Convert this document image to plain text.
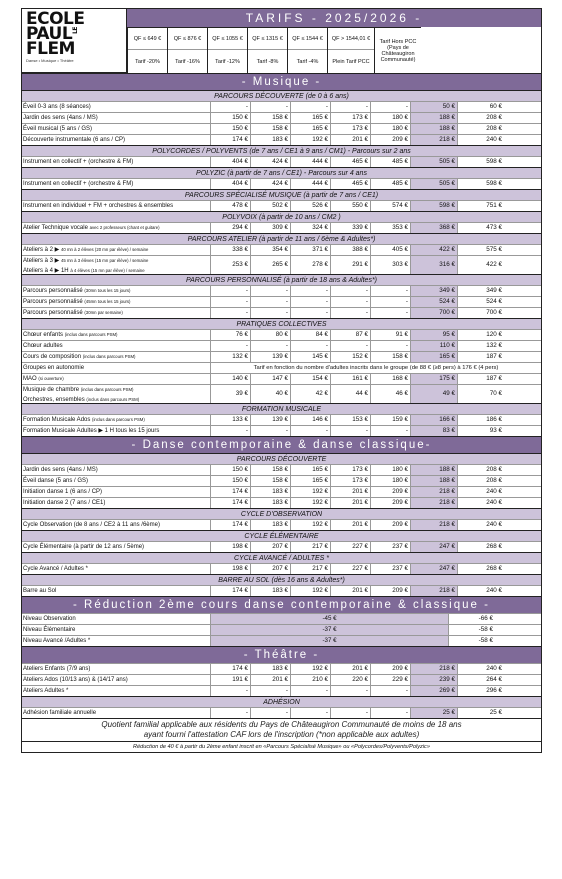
ECOLE
PAULLE
FLEM
Danse • Musique • Théâtre
TARIFS - 2025/2026 -
QF ≤ 649 €
Tarif -20%
QF ≤ 876 €
Tarif -16%
QF ≤ 1055 €
Tarif -12%
QF ≤ 1315 €
Tarif -8%
QF ≤ 1544 €
Tarif -4%
QF > 1544,01 €
Plein Tarif PCC
Tarif Hors PCC (Pays de Châteaugiron Communauté)
- Musique -
PARCOURS DÉCOUVERTE (de 0 à 6 ans)
Éveil 0-3 ans (8 séances)	-	-	-	-	-	50 €	60 €
Jardin des sens (4ans / MS)	150 €	158 €	165 €	173 €	180 €	188 €	208 €
Éveil musical (5 ans / GS)	150 €	158 €	165 €	173 €	180 €	188 €	208 €
Découverte instrumentale (6 ans / CP)	174 €	183 €	192 €	201 €	209 €	218 €	240 €
POLYCORDES / POLYVENTS (de 7 ans / CE1 à 9 ans / CM1) - Parcours sur 2 ans
Instrument en collectif + (orchestre & FM)	404 €	424 €	444 €	465 €	485 €	505 €	598 €
POLYZIC (à partir de 7 ans / CE1) - Parcours sur 4 ans
Instrument en collectif + (orchestre & FM)	404 €	424 €	444 €	465 €	485 €	505 €	598 €
PARCOURS SPÉCIALISÉ MUSIQUE (à partir de 7 ans / CE1)
Instrument en individuel + FM + orchestres & ensembles	478 €	502 €	526 €	550 €	574 €	598 €	751 €
POLYVOIX (à partir de 10 ans / CM2 )
Atelier Technique vocale avec 2 professeurs (chant et guitare)	294 €	309 €	324 €	339 €	353 €	368 €	473 €
PARCOURS ATELIER (à partir de 11 ans / 6ème & Adultes*)
Ateliers à 2 ▶ 40 mn à 2 élèves (20 mn par élève) / semaine	338 €	354 €	371 €	388 €	405 €	422 €	575 €
Ateliers à 3 ▶ 45 mn à 3 élèves (15 mn par élève) / semaine
Ateliers à 4 ▶ 1H à 4 élèves (15 mn par élève) / semaine
253 €	265 €	278 €	291 €	303 €	316 €	422 €
PARCOURS PERSONNALISÉ (à partir de 18 ans & Adultes*)
Parcours personnalisé (30mn tous les 15 jours)	-	-	-	-	-	349 €	349 €
Parcours personnalisé (45mn tous les 15 jours)	-	-	-	-	-	524 €	524 €
Parcours personnalisé (30mn par semaine)	-	-	-	-	-	700 €	700 €
PRATIQUES COLLECTIVES
Chœur enfants (inclus dans parcours PSM)	76 €	80 €	84 €	87 €	91 €	95 €	120 €
Chœur adultes	-	-	-	-	-	110 €	132 €
Cours de composition (inclus dans parcours PSM)	132 €	139 €	145 €	152 €	158 €	165 €	187 €
Groupes en autonomie	Tarif en fonction du nombre d'adultes inscrits dans le groupe (de 88 € (≥8 pers) à 176 € (4 pers)
MAO (si ouverture)	140 €	147 €	154 €	161 €	168 €	175 €	187 €
Musique de chambre (inclus dans parcours PSM)
Orchestres, ensembles (inclus dans parcours PSM)
39 €	40 €	42 €	44 €	46 €	49 €	70 €
FORMATION MUSICALE
Formation Musicale Ados (inclus dans parcours PSM)	133 €	139 €	146 €	153 €	159 €	166 €	186 €
Formation Musicale Adultes ▶ 1 H tous les 15 jours	-	-	-	-	-	83 €	93 €
- Danse contemporaine & danse classique-
PARCOURS DÉCOUVERTE
Jardin des sens (4ans / MS)	150 €	158 €	165 €	173 €	180 €	188 €	208 €
Éveil danse (5 ans / GS)	150 €	158 €	165 €	173 €	180 €	188 €	208 €
Initiation danse 1 (6 ans / CP)	174 €	183 €	192 €	201 €	209 €	218 €	240 €
Initiation danse 2 (7 ans / CE1)	174 €	183 €	192 €	201 €	209 €	218 €	240 €
CYCLE D'OBSERVATION
Cycle Observation (de 8 ans / CE2 à 11 ans /6ème)	174 €	183 €	192 €	201 €	209 €	218 €	240 €
CYCLE ÉLÉMENTAIRE
Cycle Élémentaire (à partir de 12 ans / 5ème)	198 €	207 €	217 €	227 €	237 €	247 €	268 €
CYCLE AVANCÉ / ADULTES *
Cycle Avancé / Adultes *	198 €	207 €	217 €	227 €	237 €	247 €	268 €
BARRE AU SOL (dès 16 ans & Adultes*)
Barre au Sol	174 €	183 €	192 €	201 €	209 €	218 €	240 €
- Réduction 2ème cours danse contemporaine & classique -
Niveau Observation	-45 €	-66 €
Niveau Élémentaire	-37 €	-58 €
Niveau Avancé /Adultes *	-37 €	-58 €
- Théâtre -
Ateliers Enfants (7/9 ans)	174 €	183 €	192 €	201 €	209 €	218 €	240 €
Ateliers Ados (10/13 ans) & (14/17 ans)	191 €	201 €	210 €	220 €	229 €	239 €	264 €
Ateliers Adultes *	-	-	-	-	-	269 €	296 €
ADHÉSION
Adhésion familiale annuelle	-	-	-	-	-	25 €	25 €
Quotient familial applicable aux résidents du Pays de Châteaugiron Communauté de moins de 18 ans
ayant fourni l'attestation CAF lors de l'inscription (*non applicable aux adultes)
Réduction de 40 € à partir du 2ème enfant inscrit en «Parcours Spécialisé Musique» ou «Polycordes/Polyvents/Polyzic»
